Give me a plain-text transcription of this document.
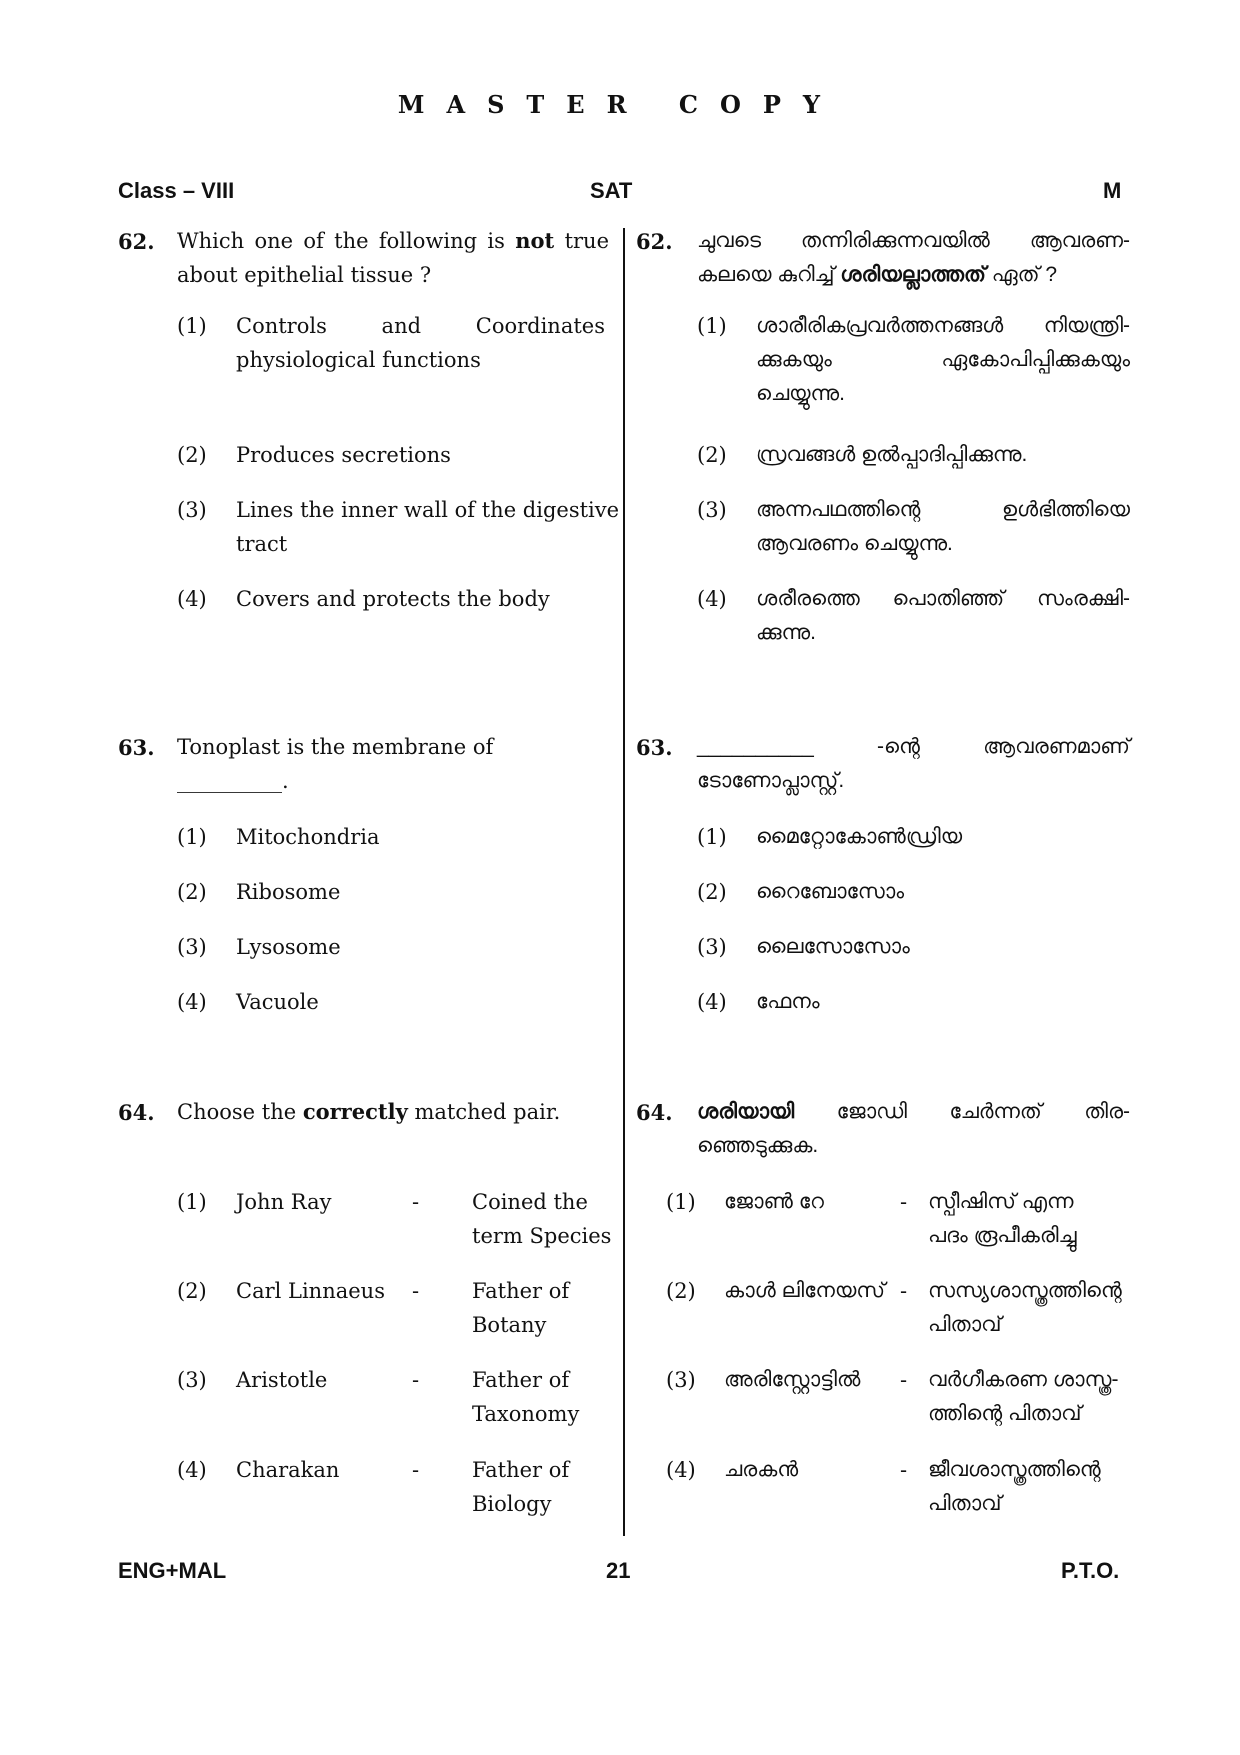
MASTER COPY
Class – VIII	SAT	M
62. Which one of the following is not true
about epithelial tissue ?
(1) Controls and Coordinates
physiological functions
(2) Produces secretions
(3) Lines the inner wall of the digestive
tract
(4) Covers and protects the body
62. ചുവടെ തന്നിരിക്കുന്നവയിൽ ആവരണ-
കലയെ കുറിച്ച് ശരിയല്ലാത്തത് ഏത് ?
(1) ശാരീരികപ്രവർത്തനങ്ങൾ നിയന്ത്രി-
ക്കുകയും ഏകോപിപ്പിക്കുകയും
ചെയ്യുന്നു.
(2) സ്രവങ്ങൾ ഉൽപ്പാദിപ്പിക്കുന്നു.
(3) അന്നപഥത്തിന്റെ ഉൾഭിത്തിയെ
ആവരണം ചെയ്യുന്നു.
(4) ശരീരത്തെ പൊതിഞ്ഞ് സംരക്ഷി-
ക്കുന്നു.
63. Tonoplast is the membrane of __________.
(1) Mitochondria
(2) Ribosome
(3) Lysosome
(4) Vacuole
63. __________ -ന്റെ ആവരണമാണ്
ടോണോപ്ലാസ്റ്റ്.
(1) മൈറ്റോകോൺഡ്രിയ
(2) റൈബോസോം
(3) ലൈസോസോം
(4) ഫേനം
64. Choose the correctly matched pair.
(1) John Ray	-	Coined the
term Species
(2) Carl Linnaeus -	Father of
Botany
(3) Aristotle	-	Father of
Taxonomy
(4) Charakan	-	Father of
Biology
64. ശരിയായി ജോഡി ചേർന്നത് തിര-
ഞ്ഞെടുക്കുക.
(1) ജോൺ റേ	- സ്പീഷിസ് എന്ന
പദം രൂപീകരിച്ചു
(2) കാൾ ലിനേയസ് - സസ്യശാസ്ത്രത്തിന്റെ
പിതാവ്
(3) അരിസ്റ്റോട്ടിൽ - വർഗീകരണ ശാസ്ത്ര-
ത്തിന്റെ പിതാവ്
(4) ചരകൻ	- ജീവശാസ്ത്രത്തിന്റെ
പിതാവ്
ENG+MAL	21	P.T.O.
